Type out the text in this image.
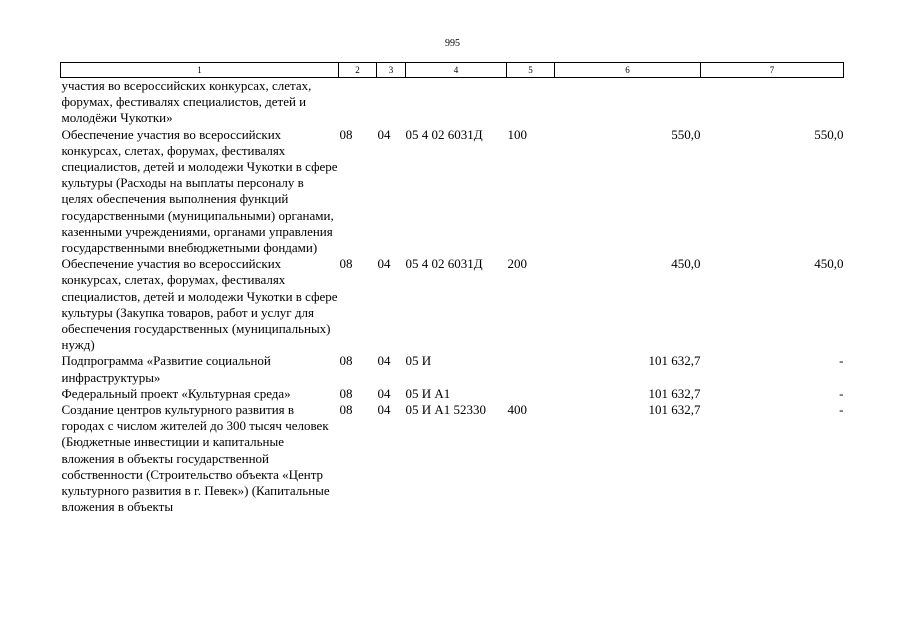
995
1	2	3	4	5	6	7
участия во всероссийских конкурсах, слетах, форумах, фестивалях специалистов, детей и молодёжи Чукотки»						
Обеспечение участия во всероссийских конкурсах, слетах, форумах, фестивалях специалистов, детей и молодежи Чукотки в сфере культуры (Расходы на выплаты персоналу в целях обеспечения выполнения функций государственными (муниципальными) органами, казенными учреждениями, органами управления государственными внебюджетными фондами)	08	04	05 4 02 6031Д	100	550,0	550,0
Обеспечение участия во всероссийских конкурсах, слетах, форумах, фестивалях специалистов, детей и молодежи Чукотки в сфере культуры (Закупка товаров, работ и услуг для обеспечения государственных (муниципальных) нужд)	08	04	05 4 02 6031Д	200	450,0	450,0
Подпрограмма «Развитие социальной инфраструктуры»	08	04	05 И		101 632,7	-
Федеральный проект «Культурная среда»	08	04	05 И А1		101 632,7	-
Создание центров культурного развития в городах с числом жителей до 300 тысяч человек (Бюджетные инвестиции и капитальные вложения в объекты государственной собственности (Строительство объекта «Центр культурного развития в г. Певек») (Капитальные вложения в объекты	08	04	05 И А1 52330	400	101 632,7	-
